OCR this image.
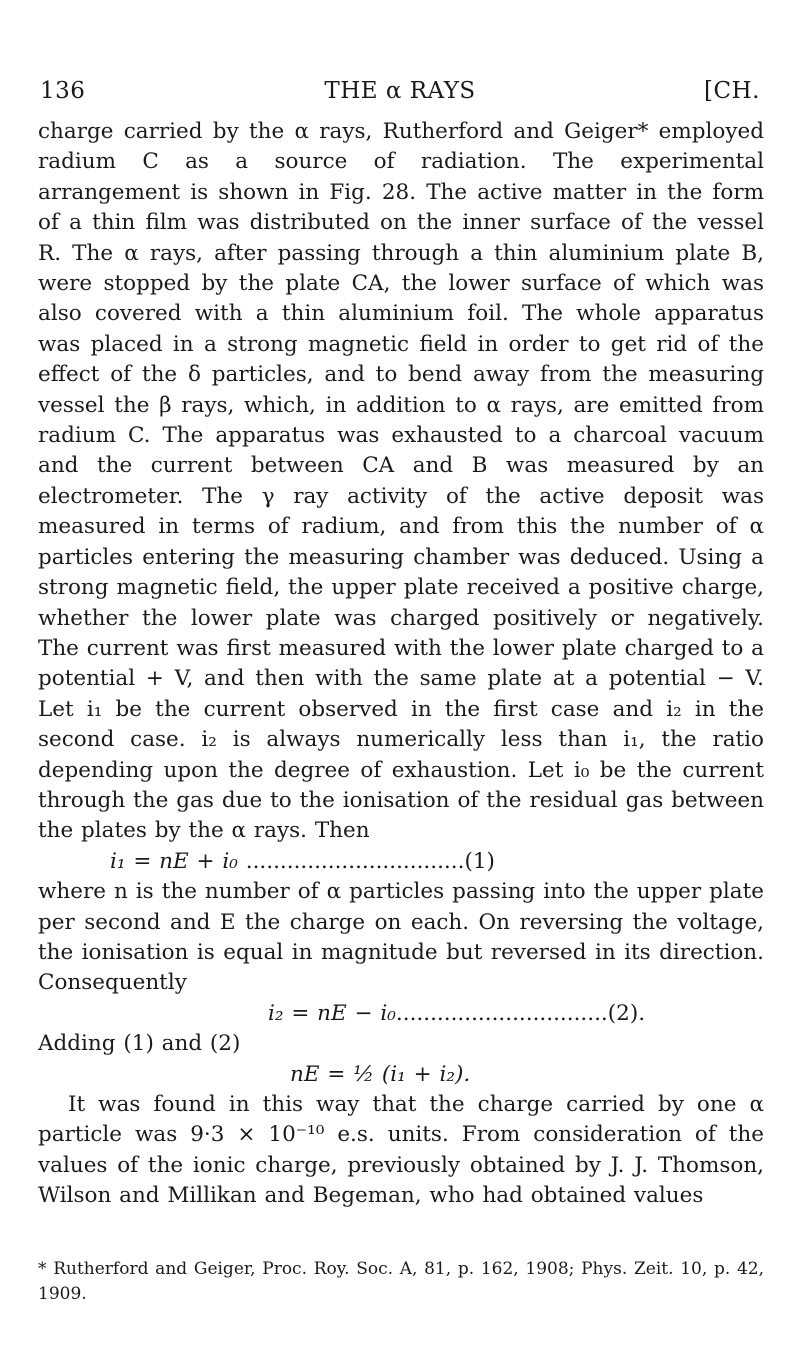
136	THE α RAYS	[CH.

charge carried by the α rays, Rutherford and Geiger* employed radium C as a source of radiation. The experimental arrangement is shown in Fig. 28. The active matter in the form of a thin film was distributed on the inner surface of the vessel R. The α rays, after passing through a thin aluminium plate B, were stopped by the plate CA, the lower surface of which was also covered with a thin aluminium foil. The whole apparatus was placed in a strong magnetic field in order to get rid of the effect of the δ particles, and to bend away from the measuring vessel the β rays, which, in addition to α rays, are emitted from radium C. The apparatus was exhausted to a charcoal vacuum and the current between CA and B was measured by an electrometer. The γ ray activity of the active deposit was measured in terms of radium, and from this the number of α particles entering the measuring chamber was deduced. Using a strong magnetic field, the upper plate received a positive charge, whether the lower plate was charged positively or negatively. The current was first measured with the lower plate charged to a potential + V, and then with the same plate at a potential − V. Let i₁ be the current observed in the first case and i₂ in the second case. i₂ is always numerically less than i₁, the ratio depending upon the degree of exhaustion. Let i₀ be the current through the gas due to the ionisation of the residual gas between the plates by the α rays. Then

i₁ = nE + i₀ ................................(1)

where n is the number of α particles passing into the upper plate per second and E the charge on each. On reversing the voltage, the ionisation is equal in magnitude but reversed in its direction. Consequently

i₂ = nE − i₀...............................(2).

Adding (1) and (2)

nE = ½ (i₁ + i₂).

It was found in this way that the charge carried by one α particle was 9·3 × 10⁻¹⁰ e.s. units. From consideration of the values of the ionic charge, previously obtained by J. J. Thomson, Wilson and Millikan and Begeman, who had obtained values

* Rutherford and Geiger, Proc. Roy. Soc. A, 81, p. 162, 1908; Phys. Zeit. 10, p. 42, 1909.
